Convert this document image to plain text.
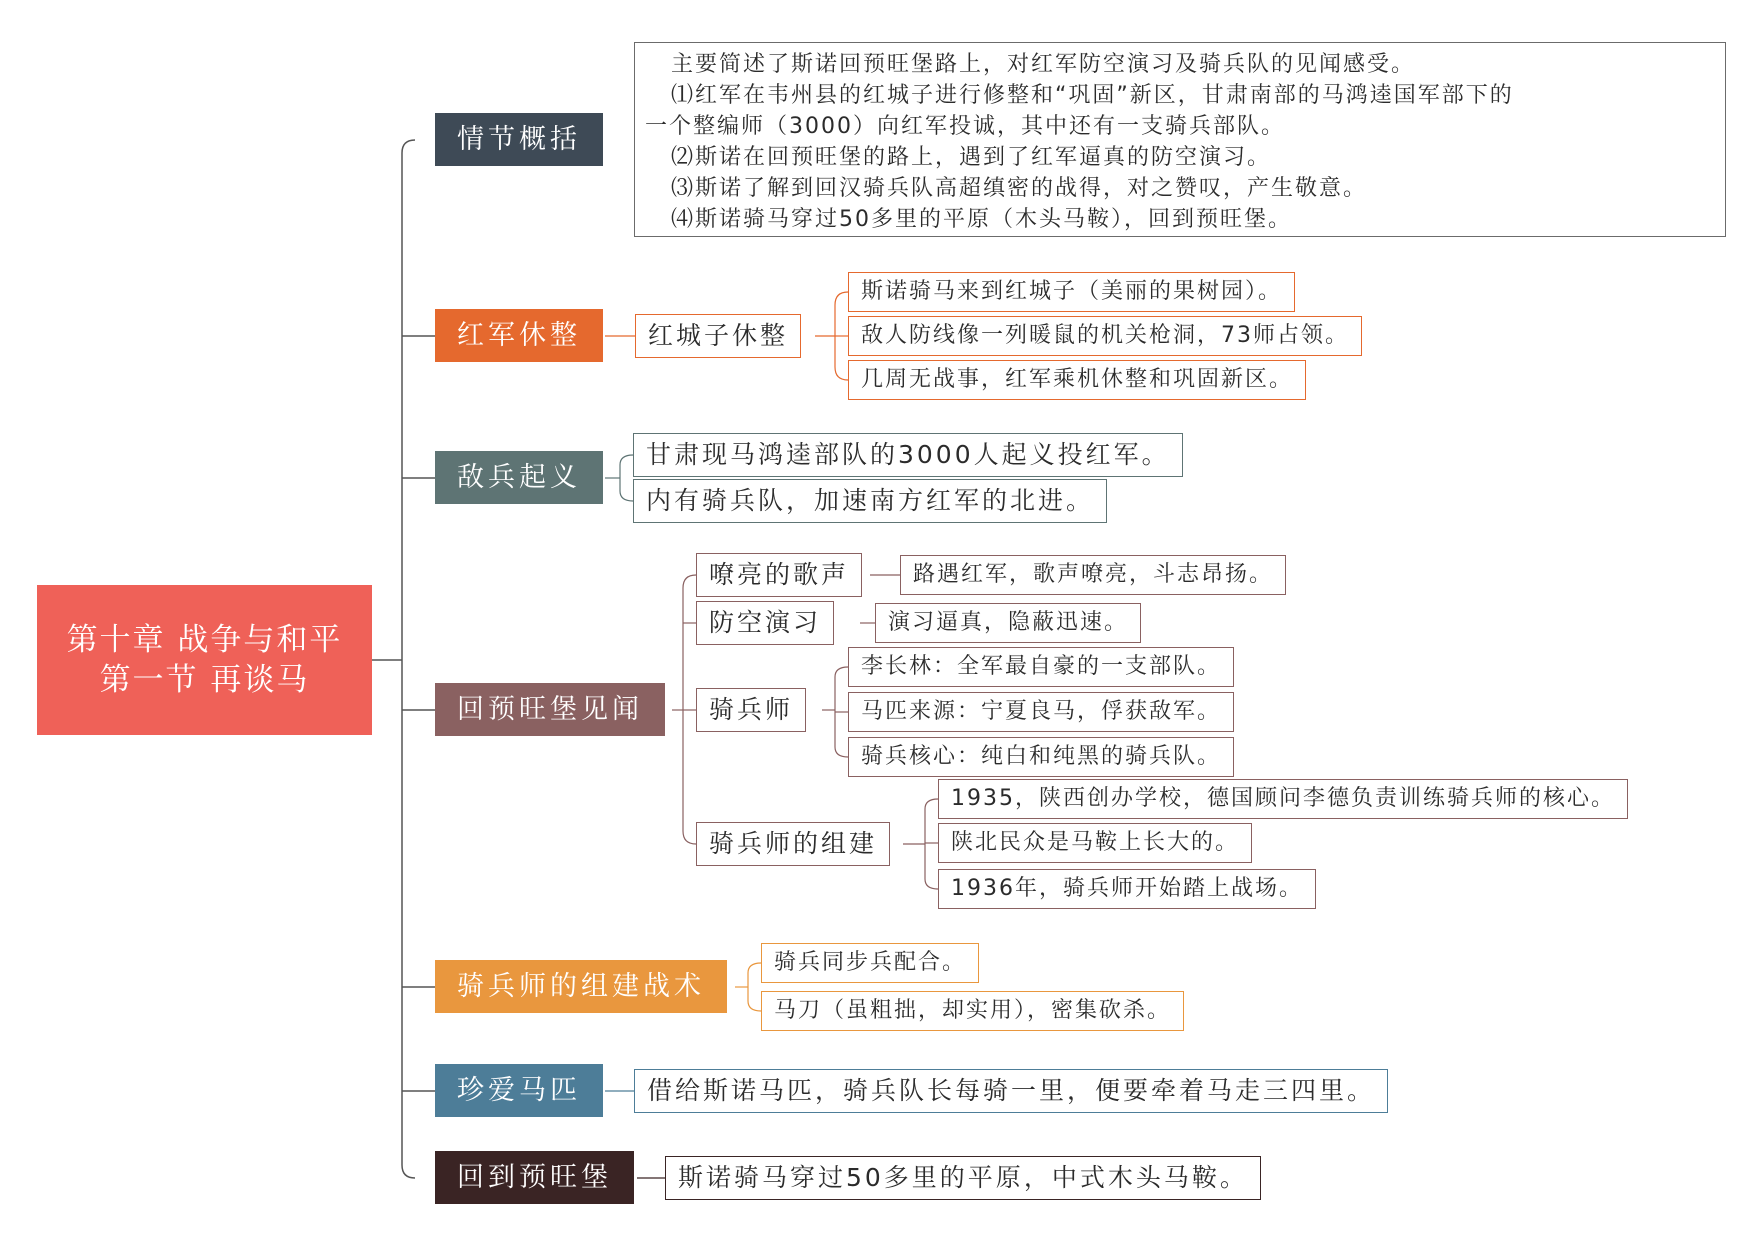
第十章 战争与和平
第一节 再谈马
情节概括
主要简述了斯诺回预旺堡路上，对红军防空演习及骑兵队的见闻感受。
⑴红军在韦州县的红城子进行修整和“巩固”新区，甘肃南部的马鸿逵国军部下的
一个整编师（3000）向红军投诚，其中还有一支骑兵部队。
⑵斯诺在回预旺堡的路上，遇到了红军逼真的防空演习。
⑶斯诺了解到回汉骑兵队高超缜密的战得，对之赞叹，产生敬意。
⑷斯诺骑马穿过50多里的平原（木头马鞍），回到预旺堡。
红军休整	红城子休整
斯诺骑马来到红城子（美丽的果树园）。
敌人防线像一列暖鼠的机关枪洞，73师占领。
几周无战事，红军乘机休整和巩固新区。
敌兵起义
甘肃现马鸿逵部队的3000人起义投红军。
内有骑兵队，加速南方红军的北进。
回预旺堡见闻
嘹亮的歌声	路遇红军，歌声嘹亮，斗志昂扬。
防空演习	演习逼真，隐蔽迅速。
骑兵师
李长林：全军最自豪的一支部队。
马匹来源：宁夏良马，俘获敌军。
骑兵核心：纯白和纯黑的骑兵队。
骑兵师的组建
1935，陕西创办学校，德国顾问李德负责训练骑兵师的核心。
陕北民众是马鞍上长大的。
1936年，骑兵师开始踏上战场。
骑兵师的组建战术
骑兵同步兵配合。
马刀（虽粗拙，却实用），密集砍杀。
珍爱马匹	借给斯诺马匹，骑兵队长每骑一里，便要牵着马走三四里。
回到预旺堡	斯诺骑马穿过50多里的平原，中式木头马鞍。
